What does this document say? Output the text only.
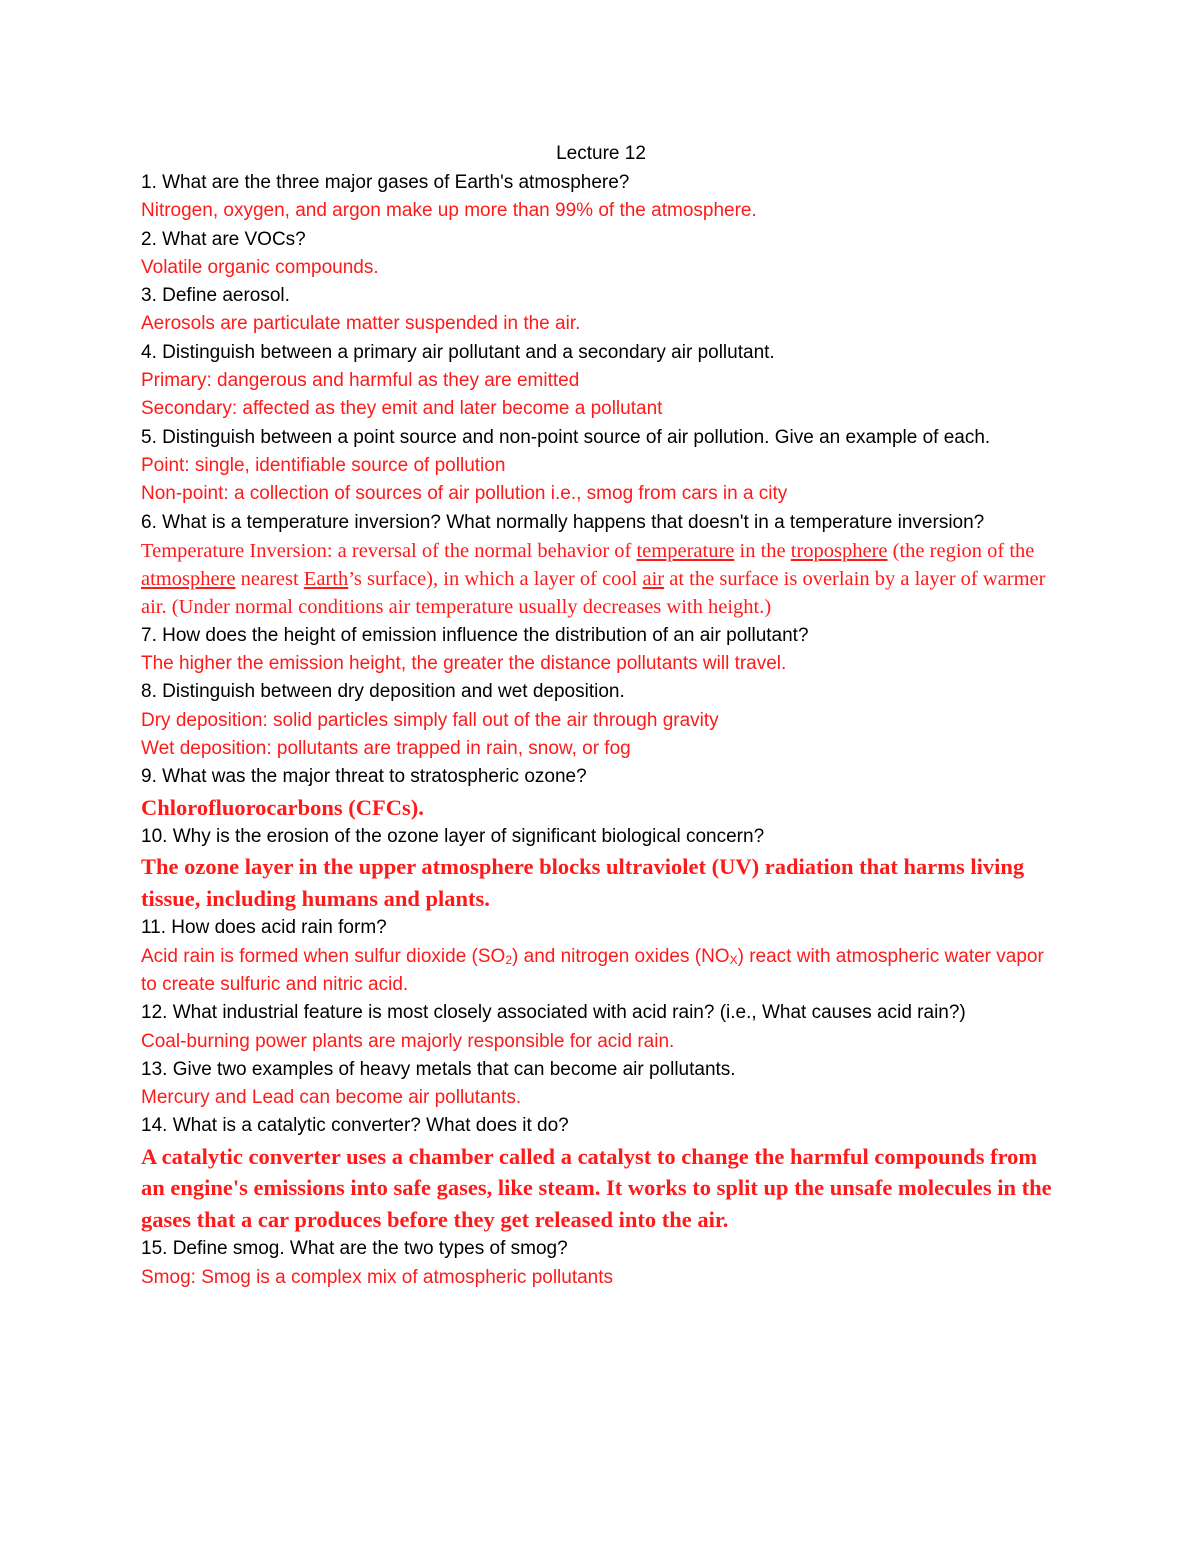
Lecture 12
1. What are the three major gases of Earth's atmosphere?
Nitrogen, oxygen, and argon make up more than 99% of the atmosphere.
2. What are VOCs?
Volatile organic compounds.
3. Define aerosol.
Aerosols are particulate matter suspended in the air.
4. Distinguish between a primary air pollutant and a secondary air pollutant.
Primary: dangerous and harmful as they are emitted
Secondary: affected as they emit and later become a pollutant
5. Distinguish between a point source and non-point source of air pollution. Give an example of each.
Point: single, identifiable source of pollution
Non-point: a collection of sources of air pollution i.e., smog from cars in a city
6. What is a temperature inversion? What normally happens that doesn't in a temperature inversion?
Temperature Inversion: a reversal of the normal behavior of temperature in the troposphere (the region of the atmosphere nearest Earth’s surface), in which a layer of cool air at the surface is overlain by a layer of warmer air. (Under normal conditions air temperature usually decreases with height.)
7. How does the height of emission influence the distribution of an air pollutant?
The higher the emission height, the greater the distance pollutants will travel.
8. Distinguish between dry deposition and wet deposition.
Dry deposition: solid particles simply fall out of the air through gravity
Wet deposition: pollutants are trapped in rain, snow, or fog
9. What was the major threat to stratospheric ozone?
Chlorofluorocarbons (CFCs).
10. Why is the erosion of the ozone layer of significant biological concern?
The ozone layer in the upper atmosphere blocks ultraviolet (UV) radiation that harms living tissue, including humans and plants.
11. How does acid rain form?
Acid rain is formed when sulfur dioxide $(SO_2)$ and nitrogen oxides $(NO_X)$ react with atmospheric water vapor to create sulfuric and nitric acid.
12. What industrial feature is most closely associated with acid rain? (i.e., What causes acid rain?)
Coal-burning power plants are majorly responsible for acid rain.
13. Give two examples of heavy metals that can become air pollutants.
Mercury and Lead can become air pollutants.
14. What is a catalytic converter? What does it do?
A catalytic converter uses a chamber called a catalyst to change the harmful compounds from an engine's emissions into safe gases, like steam. It works to split up the unsafe molecules in the gases that a car produces before they get released into the air.
15. Define smog. What are the two types of smog?
Smog: Smog is a complex mix of atmospheric pollutants
